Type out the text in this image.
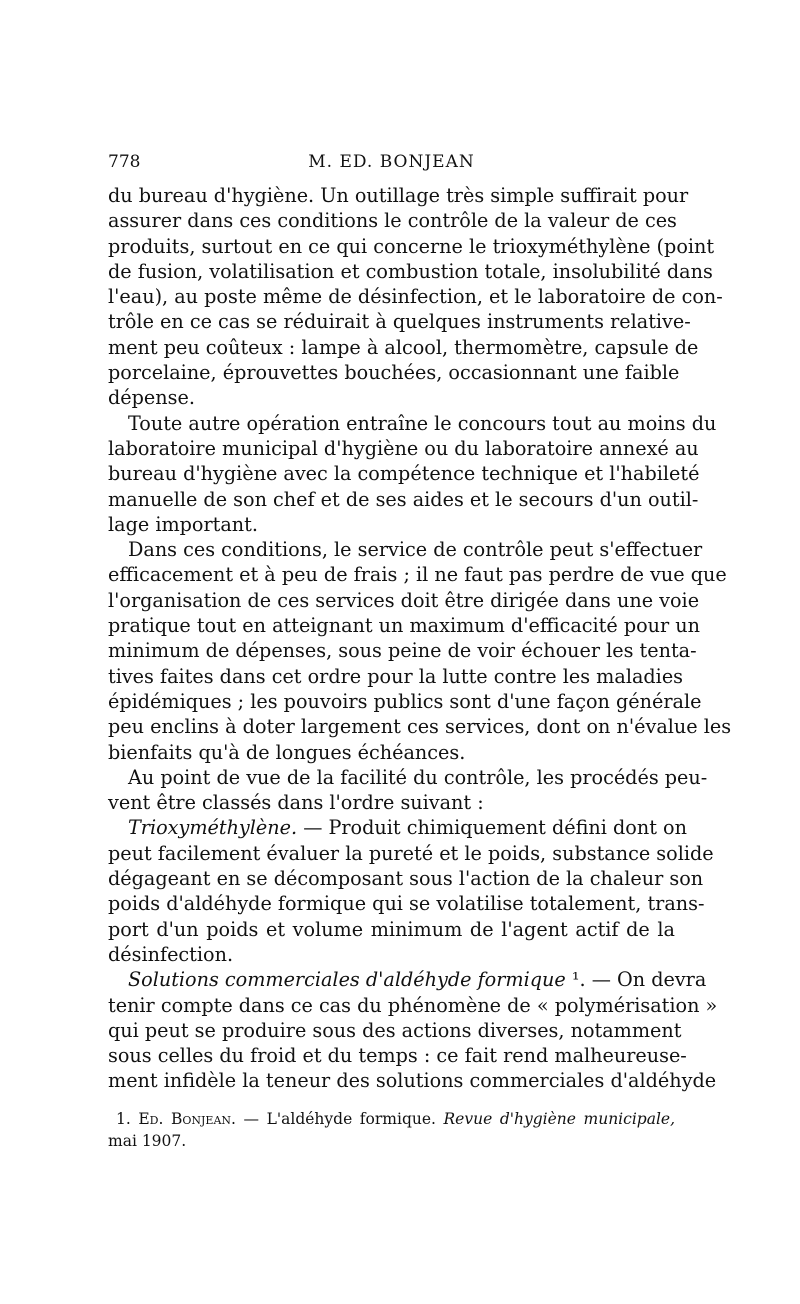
778	M. ED. BONJEAN
du bureau d'hygiène. Un outillage très simple suffirait pour
assurer dans ces conditions le contrôle de la valeur de ces
produits, surtout en ce qui concerne le trioxyméthylène (point
de fusion, volatilisation et combustion totale, insolubilité dans
l'eau), au poste même de désinfection, et le laboratoire de con-
trôle en ce cas se réduirait à quelques instruments relative-
ment peu coûteux : lampe à alcool, thermomètre, capsule de
porcelaine, éprouvettes bouchées, occasionnant une faible
dépense.
Toute autre opération entraîne le concours tout au moins du
laboratoire municipal d'hygiène ou du laboratoire annexé au
bureau d'hygiène avec la compétence technique et l'habileté
manuelle de son chef et de ses aides et le secours d'un outil-
lage important.
Dans ces conditions, le service de contrôle peut s'effectuer
efficacement et à peu de frais ; il ne faut pas perdre de vue que
l'organisation de ces services doit être dirigée dans une voie
pratique tout en atteignant un maximum d'efficacité pour un
minimum de dépenses, sous peine de voir échouer les tenta-
tives faites dans cet ordre pour la lutte contre les maladies
épidémiques ; les pouvoirs publics sont d'une façon générale
peu enclins à doter largement ces services, dont on n'évalue les
bienfaits qu'à de longues échéances.
Au point de vue de la facilité du contrôle, les procédés peu-
vent être classés dans l'ordre suivant :
Trioxyméthylène. — Produit chimiquement défini dont on
peut facilement évaluer la pureté et le poids, substance solide
dégageant en se décomposant sous l'action de la chaleur son
poids d'aldéhyde formique qui se volatilise totalement, trans-
port d'un poids et volume minimum de l'agent actif de la
désinfection.
Solutions commerciales d'aldéhyde formique ¹. — On devra
tenir compte dans ce cas du phénomène de « polymérisation »
qui peut se produire sous des actions diverses, notamment
sous celles du froid et du temps : ce fait rend malheureuse-
ment infidèle la teneur des solutions commerciales d'aldéhyde
1. Ed. Bonjean. — L'aldéhyde formique. Revue d'hygiène municipale,
mai 1907.
